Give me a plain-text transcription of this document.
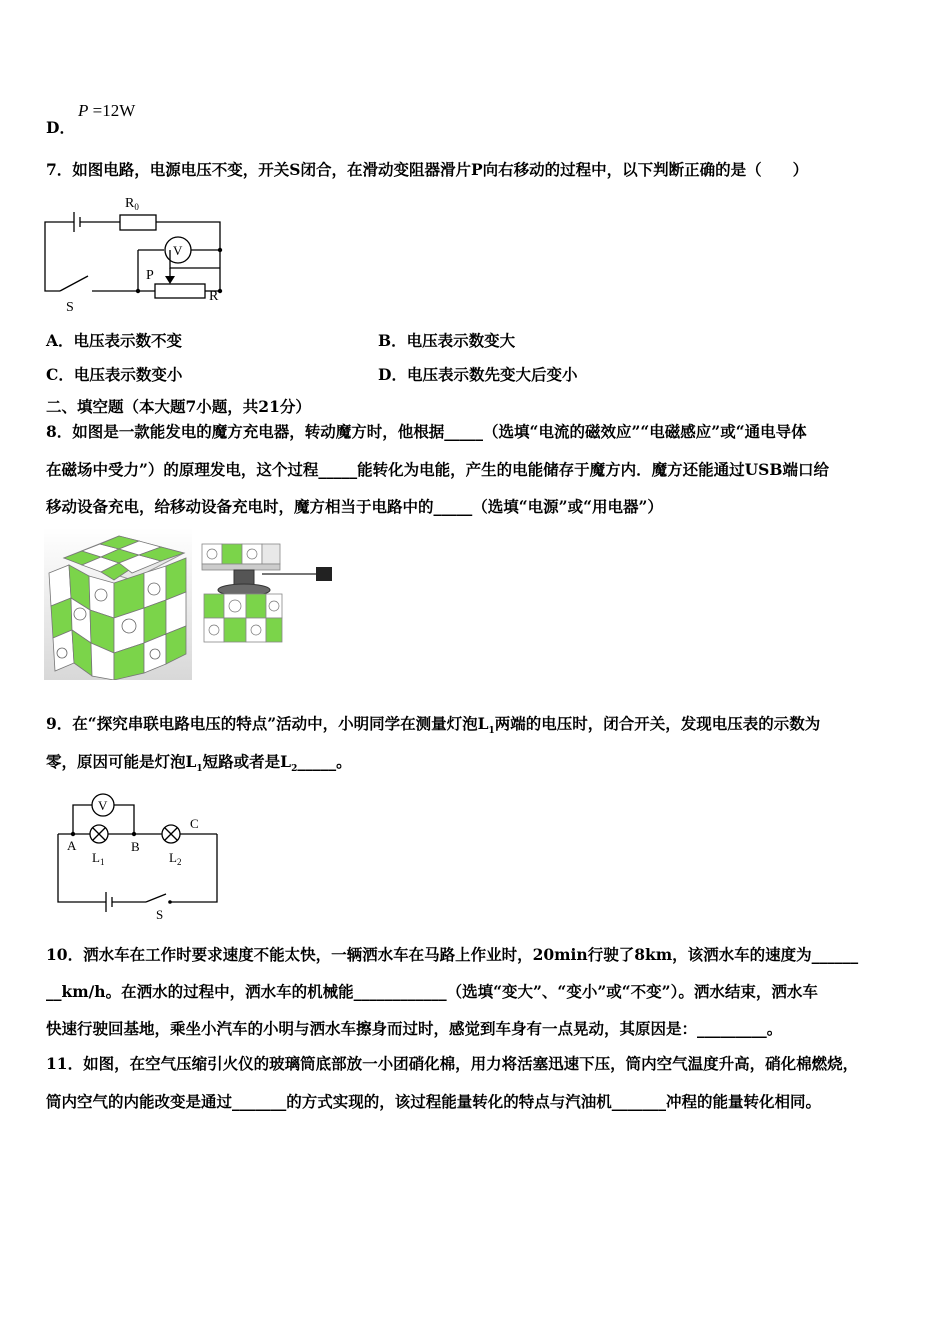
P =12W
D．
7．如图电路，电源电压不变，开关S闭合，在滑动变阻器滑片P向右移动的过程中，以下判断正确的是（　　）
$R_0$
V
P
R
S
A．电压表示数不变	B．电压表示数变大
C．电压表示数变小	D．电压表示数先变大后变小
二、填空题（本大题7小题，共21分）
8．如图是一款能发电的魔方充电器，转动魔方时，他根据_____（选填“电流的磁效应”“电磁感应”或“通电导体
在磁场中受力”）的原理发电，这个过程_____能转化为电能，产生的电能储存于魔方内．魔方还能通过USB端口给
移动设备充电，给移动设备充电时，魔方相当于电路中的_____（选填“电源”或“用电器”）
9．在“探究串联电路电压的特点”活动中，小明同学在测量灯泡$L_1$两端的电压时，闭合开关，发现电压表的示数为
零，原因可能是灯泡$L_1$短路或者是$L_2\_\_\_\_\_$。
V
A	B
C
$L_1$	$L_2$
S
10．洒水车在工作时要求速度不能太快，一辆洒水车在马路上作业时，20min行驶了8km，该洒水车的速度为______
__km/h。在洒水的过程中，洒水车的机械能____________（选填“变大”、“变小”或“不变”）。洒水结束，洒水车
快速行驶回基地，乘坐小汽车的小明与洒水车擦身而过时，感觉到车身有一点晃动，其原因是：_________。
11．如图，在空气压缩引火仪的玻璃筒底部放一小团硝化棉，用力将活塞迅速下压，筒内空气温度升高，硝化棉燃烧，
筒内空气的内能改变是通过_______的方式实现的，该过程能量转化的特点与汽油机_______冲程的能量转化相同。
